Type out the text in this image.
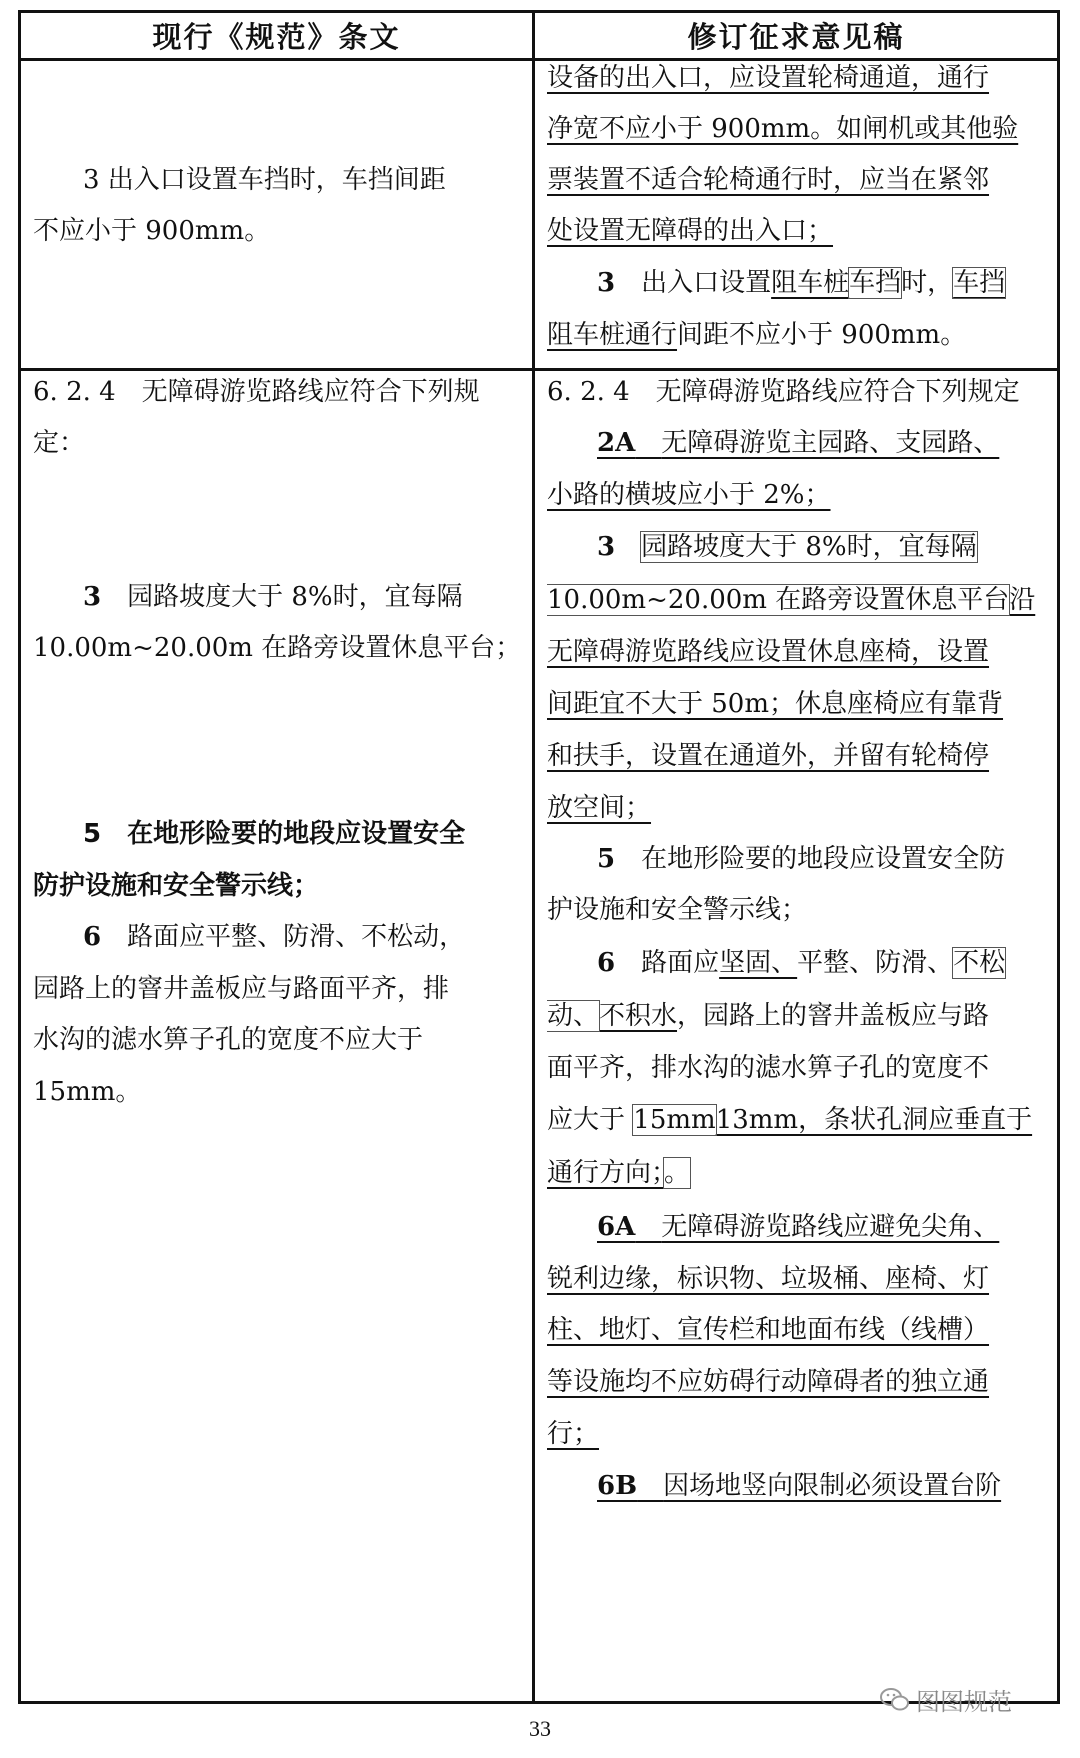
现行《规范》条文	修订征求意见稿
3 出入口设置车挡时，车挡间距
不应小于 900mm。
设备的出入口，应设置轮椅通道，通行
净宽不应小于 900mm。如闸机或其他验
票装置不适合轮椅通行时，应当在紧邻
处设置无障碍的出入口；
3　 出入口设置阻车桩车挡时，车挡
阻车桩通行间距不应小于 900mm。
6. 2. 4　无障碍游览路线应符合下列规
定：
3　 园路坡度大于 8%时，宜每隔
10.00m~20.00m 在路旁设置休息平台；
5　 在地形险要的地段应设置安全
防护设施和安全警示线；
6　 路面应平整、防滑、不松动，
园路上的窨井盖板应与路面平齐，排
水沟的滤水箅子孔的宽度不应大于
15mm。
6. 2. 4　无障碍游览路线应符合下列规定
2A　 无障碍游览主园路、支园路、
小路的横坡应小于 2%；
3　 园路坡度大于 8%时，宜每隔
10.00m~20.00m 在路旁设置休息平台沿
无障碍游览路线应设置休息座椅，设置
间距宜不大于 50m；休息座椅应有靠背
和扶手，设置在通道外，并留有轮椅停
放空间；
5　 在地形险要的地段应设置安全防
护设施和安全警示线；
6　 路面应坚固、平整、防滑、不松
动、不积水，园路上的窨井盖板应与路
面平齐，排水沟的滤水箅子孔的宽度不
应大于 15mm13mm，条状孔洞应垂直于
通行方向；。
6A　 无障碍游览路线应避免尖角、
锐利边缘，标识物、垃圾桶、座椅、灯
柱、地灯、宣传栏和地面布线（线槽）
等设施均不应妨碍行动障碍者的独立通
行；
6B　 因场地竖向限制必须设置台阶
33
图图规范
